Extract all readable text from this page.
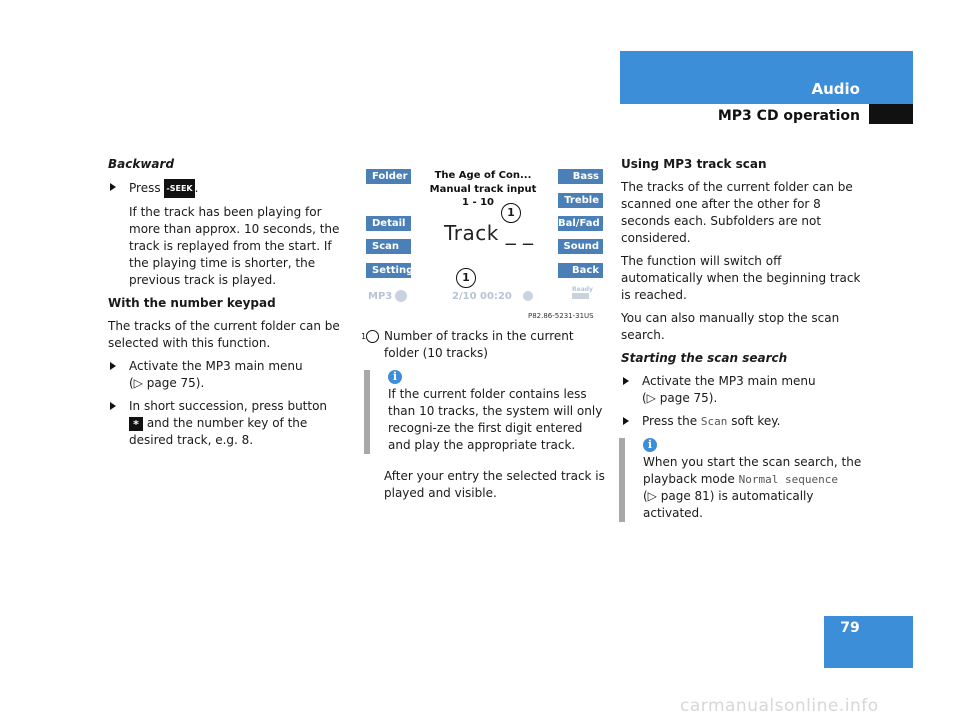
Audio
MP3 CD operation

Backward

Press -SEEK .

If the track has been playing for more than approx. 10 seconds, the track is replayed from the start. If the playing time is shorter, the previous track is played.

With the number keypad

The tracks of the current folder can be selected with this function.

Activate the MP3 main menu
(▷ page 75).

In short succession, press button * and the number key of the desired track, e.g. 8.

Folder
Detail
Scan
Setting
Bass
Treble
Bal/Fad
Sound
Back
The Age of Con...
Manual track input
1 - 10
1
Track _ _
1
MP3	2/10 00:20
Ready
P82.86-5231-31US

1 Number of tracks in the current folder (10 tracks)

i
If the current folder contains less than 10 tracks, the system will only recogni-ze the first digit entered and play the appropriate track.

After your entry the selected track is played and visible.

Using MP3 track scan

The tracks of the current folder can be scanned one after the other for 8 seconds each. Subfolders are not considered.

The function will switch off automatically when the beginning track is reached.

You can also manually stop the scan search.

Starting the scan search

Activate the MP3 main menu
(▷ page 75).

Press the Scan soft key.

i
When you start the scan search, the playback mode Normal sequence
(▷ page 81) is automatically activated.
79
carmanualsonline.info
